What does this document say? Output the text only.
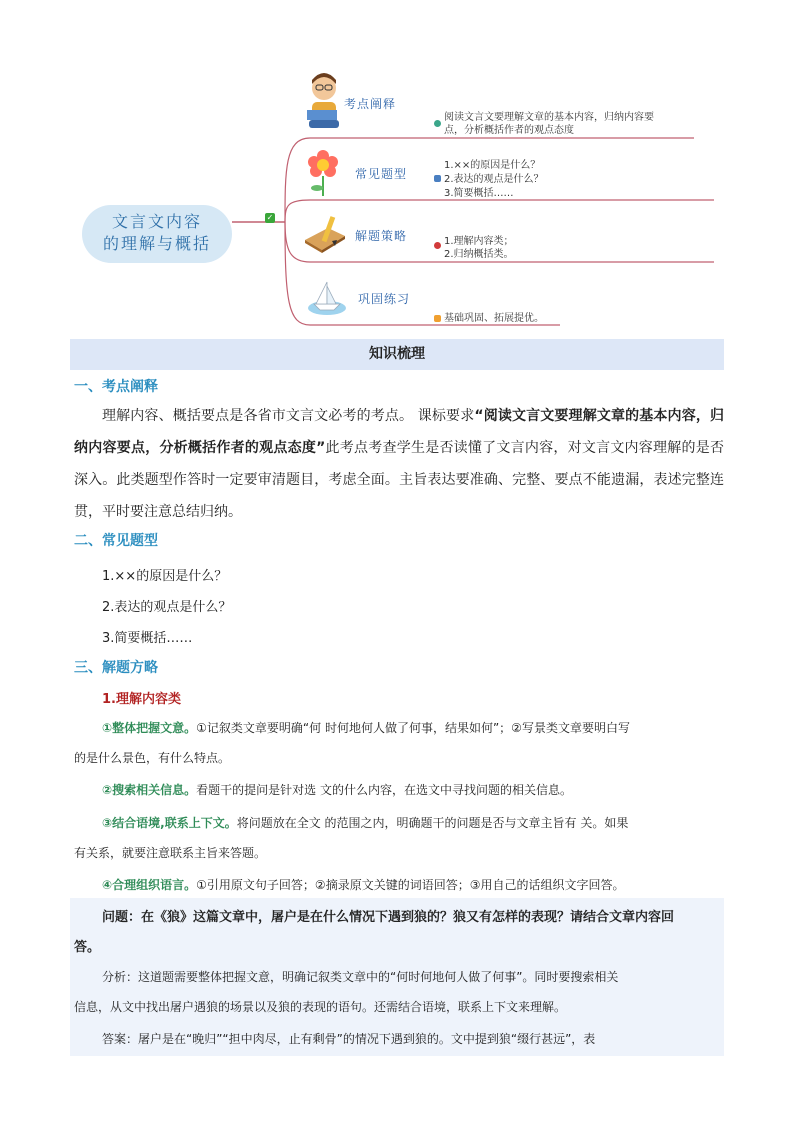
文言文内容
的理解与概括
✓
考点阐释
阅读文言文要理解文章的基本内容，归纳内容要
点，分析概括作者的观点态度
常见题型
1.××的原因是什么？
2.表达的观点是什么？
3.简要概括……
解题策略	1.理解内容类；
2.归纳概括类。
巩固练习
基础巩固、拓展提优。
知识梳理
一、考点阐释
理解内容、概括要点是各省市文言文必考的考点。 课标要求“阅读文言文要理解文章的基本内容，归纳内容要点，分析概括作者的观点态度”此考点考查学生是否读懂了文言内容，对文言文内容理解的是否深入。此类题型作答时一定要审清题目，考虑全面。主旨表达要准确、完整、要点不能遗漏，表述完整连贯，平时要注意总结归纳。
二、常见题型
1.××的原因是什么？
2.表达的观点是什么？
3.简要概括……
三、解题方略
1.理解内容类
①整体把握文意。①记叙类文章要明确“何 时何地何人做了何事，结果如何”；②写景类文章要明白写
的是什么景色，有什么特点。
②搜索相关信息。看题干的提问是针对选 文的什么内容，在选文中寻找问题的相关信息。
③结合语境,联系上下文。将问题放在全文 的范围之内，明确题干的问题是否与文章主旨有 关。如果
有关系，就要注意联系主旨来答题。
④合理组织语言。①引用原文句子回答；②摘录原文关键的词语回答；③用自己的话组织文字回答。
问题：在《狼》这篇文章中，屠户是在什么情况下遇到狼的？狼又有怎样的表现？请结合文章内容回
答。
分析：这道题需要整体把握文意，明确记叙类文章中的“何时何地何人做了何事”。同时要搜索相关
信息，从文中找出屠户遇狼的场景以及狼的表现的语句。还需结合语境，联系上下文来理解。
答案：屠户是在“晚归”“担中肉尽，止有剩骨”的情况下遇到狼的。文中提到狼“缀行甚远”，表
